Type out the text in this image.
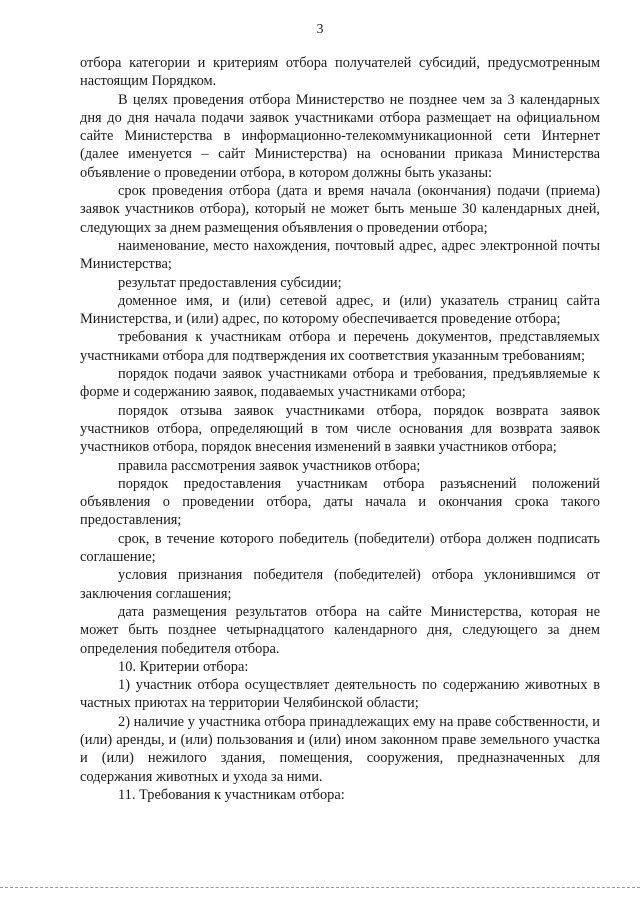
3

отбора категории и критериям отбора получателей субсидий, предусмотренным настоящим Порядком.

В целях проведения отбора Министерство не позднее чем за 3 календарных дня до дня начала подачи заявок участниками отбора размещает на официальном сайте Министерства в информационно-телекоммуникационной сети Интернет (далее именуется – сайт Министерства) на основании приказа Министерства объявление о проведении отбора, в котором должны быть указаны:

срок проведения отбора (дата и время начала (окончания) подачи (приема) заявок участников отбора), который не может быть меньше 30 календарных дней, следующих за днем размещения объявления о проведении отбора;

наименование, место нахождения, почтовый адрес, адрес электронной почты Министерства;

результат предоставления субсидии;

доменное имя, и (или) сетевой адрес, и (или) указатель страниц сайта Министерства, и (или) адрес, по которому обеспечивается проведение отбора;

требования к участникам отбора и перечень документов, представляемых участниками отбора для подтверждения их соответствия указанным требованиям;

порядок подачи заявок участниками отбора и требования, предъявляемые к форме и содержанию заявок, подаваемых участниками отбора;

порядок отзыва заявок участниками отбора, порядок возврата заявок участников отбора, определяющий в том числе основания для возврата заявок участников отбора, порядок внесения изменений в заявки участников отбора;

правила рассмотрения заявок участников отбора;

порядок предоставления участникам отбора разъяснений положений объявления о проведении отбора, даты начала и окончания срока такого предоставления;

срок, в течение которого победитель (победители) отбора должен подписать соглашение;

условия признания победителя (победителей) отбора уклонившимся от заключения соглашения;

дата размещения результатов отбора на сайте Министерства, которая не может быть позднее четырнадцатого календарного дня, следующего за днем определения победителя отбора.

10. Критерии отбора:

1) участник отбора осуществляет деятельность по содержанию животных в частных приютах на территории Челябинской области;

2) наличие у участника отбора принадлежащих ему на праве собственности, и (или) аренды, и (или) пользования и (или) ином законном праве земельного участка и (или) нежилого здания, помещения, сооружения, предназначенных для содержания животных и ухода за ними.

11. Требования к участникам отбора:
